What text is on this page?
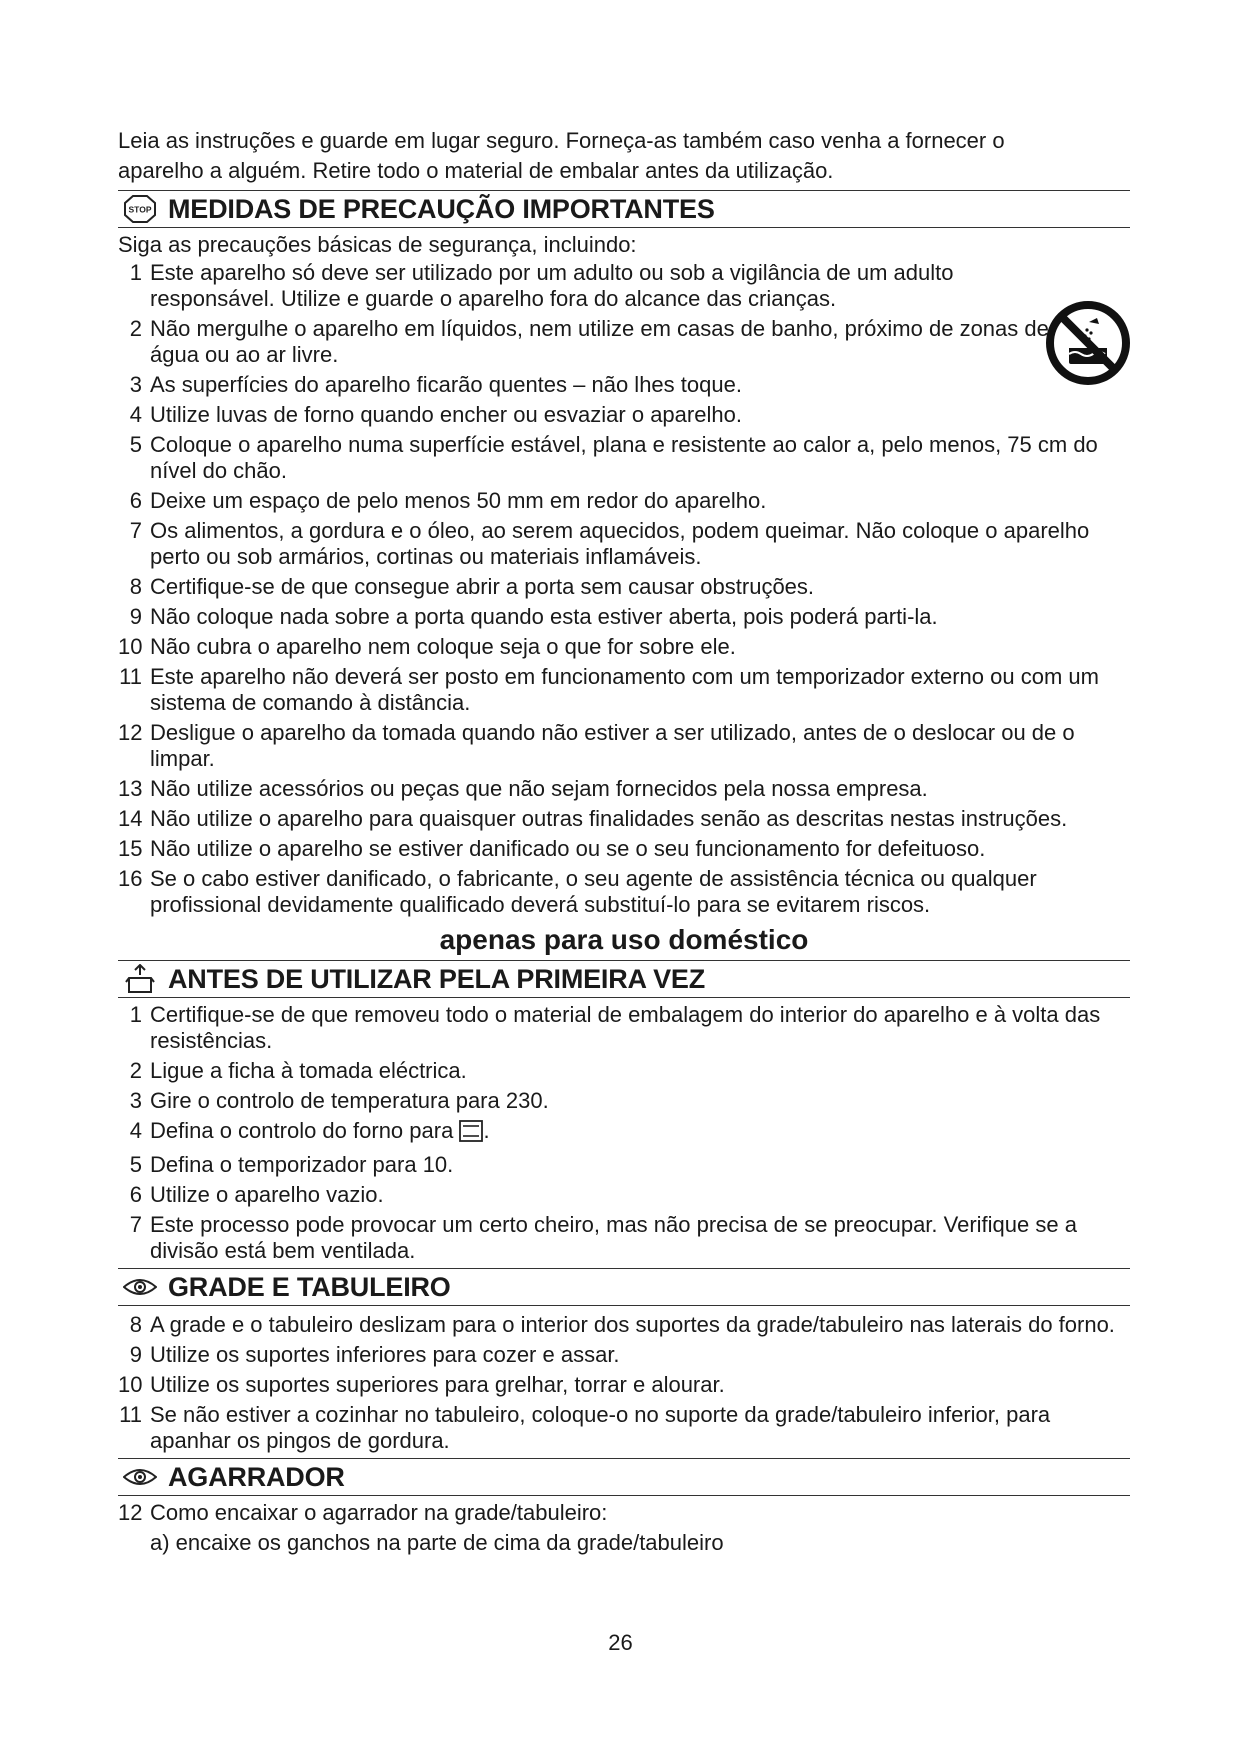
Leia as instruções e guarde em lugar seguro. Forneça-as também caso venha a fornecer o

aparelho a alguém. Retire todo o material de embalar antes da utilização.

STOP MEDIDAS DE PRECAUÇÃO IMPORTANTES

Siga as precauções básicas de segurança, incluindo:

1 Este aparelho só deve ser utilizado por um adulto ou sob a vigilância de um adulto responsável. Utilize e guarde o aparelho fora do alcance das crianças.
2 Não mergulhe o aparelho em líquidos, nem utilize em casas de banho, próximo de zonas de água ou ao ar livre.
3 As superfícies do aparelho ficarão quentes – não lhes toque.
4 Utilize luvas de forno quando encher ou esvaziar o aparelho.
5 Coloque o aparelho numa superfície estável, plana e resistente ao calor a, pelo menos, 75 cm do nível do chão.
6 Deixe um espaço de pelo menos 50 mm em redor do aparelho.
7 Os alimentos, a gordura e o óleo, ao serem aquecidos, podem queimar. Não coloque o aparelho perto ou sob armários, cortinas ou materiais inflamáveis.
8 Certifique-se de que consegue abrir a porta sem causar obstruções.
9 Não coloque nada sobre a porta quando esta estiver aberta, pois poderá parti-la.
10 Não cubra o aparelho nem coloque seja o que for sobre ele.
11 Este aparelho não deverá ser posto em funcionamento com um temporizador externo ou com um sistema de comando à distância.
12 Desligue o aparelho da tomada quando não estiver a ser utilizado, antes de o deslocar ou de o limpar.
13 Não utilize acessórios ou peças que não sejam fornecidos pela nossa empresa.
14 Não utilize o aparelho para quaisquer outras finalidades senão as descritas nestas instruções.
15 Não utilize o aparelho se estiver danificado ou se o seu funcionamento for defeituoso.
16 Se o cabo estiver danificado, o fabricante, o seu agente de assistência técnica ou qualquer profissional devidamente qualificado deverá substituí-lo para se evitarem riscos.
apenas para uso doméstico
ANTES DE UTILIZAR PELA PRIMEIRA VEZ
1 Certifique-se de que removeu todo o material de embalagem do interior do aparelho e à volta das resistências.
2 Ligue a ficha à tomada eléctrica.
3 Gire o controlo de temperatura para 230.
4 Defina o controlo do forno para .
5 Defina o temporizador para 10.
6 Utilize o aparelho vazio.
7 Este processo pode provocar um certo cheiro, mas não precisa de se preocupar. Verifique se a divisão está bem ventilada.
GRADE E TABULEIRO
8 A grade e o tabuleiro deslizam para o interior dos suportes da grade/tabuleiro nas laterais do forno.
9 Utilize os suportes inferiores para cozer e assar.
10 Utilize os suportes superiores para grelhar, torrar e alourar.
11 Se não estiver a cozinhar no tabuleiro, coloque-o no suporte da grade/tabuleiro inferior, para apanhar os pingos de gordura.
AGARRADOR
12 Como encaixar o agarrador na grade/tabuleiro:
a) encaixe os ganchos na parte de cima da grade/tabuleiro
26
